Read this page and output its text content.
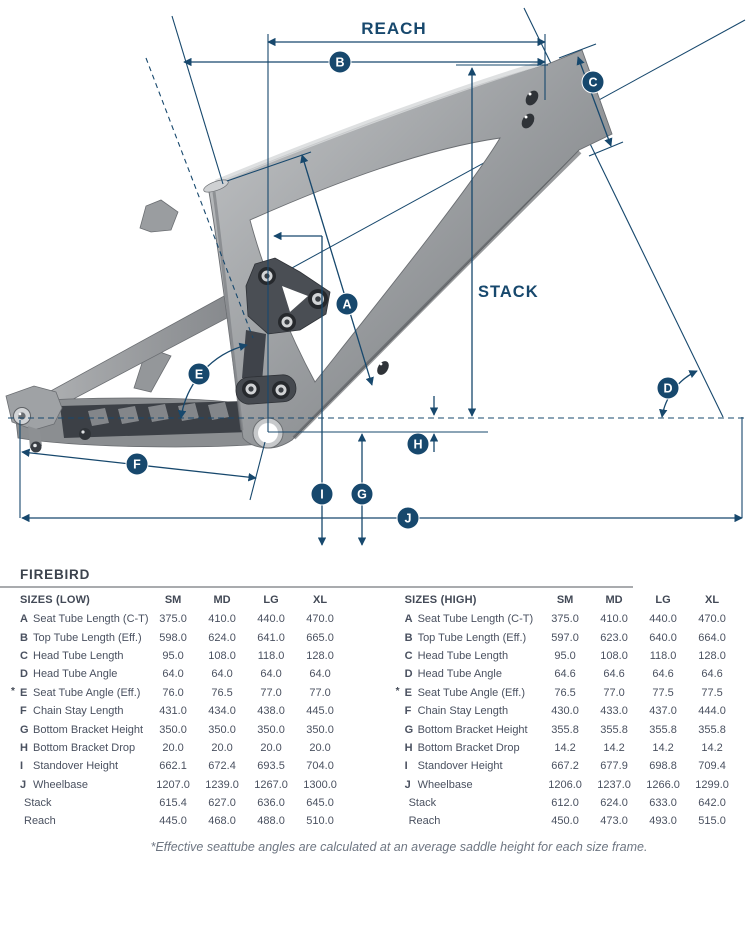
REACH
STACK
A
B
C
D
E
F
G
H
I
J
FIREBIRD
SIZES (LOW)	SM	MD	LG	XL
A Seat Tube Length (C-T)	375.0	410.0	440.0	470.0
B Top Tube Length (Eff.)	598.0	624.0	641.0	665.0
C Head Tube Length	95.0	108.0	118.0	128.0
D Head Tube Angle	64.0	64.0	64.0	64.0

* E Seat Tube Angle (Eff.)	76.0	76.5	77.0	77.0
F Chain Stay Length	431.0	434.0	438.0	445.0
G Bottom Bracket Height	350.0	350.0	350.0	350.0
H Bottom Bracket Drop	20.0	20.0	20.0	20.0
I Standover Height	662.1	672.4	693.5	704.0
J Wheelbase	1207.0	1239.0	1267.0	1300.0
Stack	615.4	627.0	636.0	645.0
Reach	445.0	468.0	488.0	510.0
SIZES (HIGH)	SM	MD	LG	XL
A Seat Tube Length (C-T)	375.0	410.0	440.0	470.0
B Top Tube Length (Eff.)	597.0	623.0	640.0	664.0
C Head Tube Length	95.0	108.0	118.0	128.0
D Head Tube Angle	64.6	64.6	64.6	64.6

* E Seat Tube Angle (Eff.)	76.5	77.0	77.5	77.5
F Chain Stay Length	430.0	433.0	437.0	444.0
G Bottom Bracket Height	355.8	355.8	355.8	355.8
H Bottom Bracket Drop	14.2	14.2	14.2	14.2
I Standover Height	667.2	677.9	698.8	709.4
J Wheelbase	1206.0	1237.0	1266.0	1299.0
Stack	612.0	624.0	633.0	642.0
Reach	450.0	473.0	493.0	515.0
*Effective seattube angles are calculated at an average saddle height for each size frame.
